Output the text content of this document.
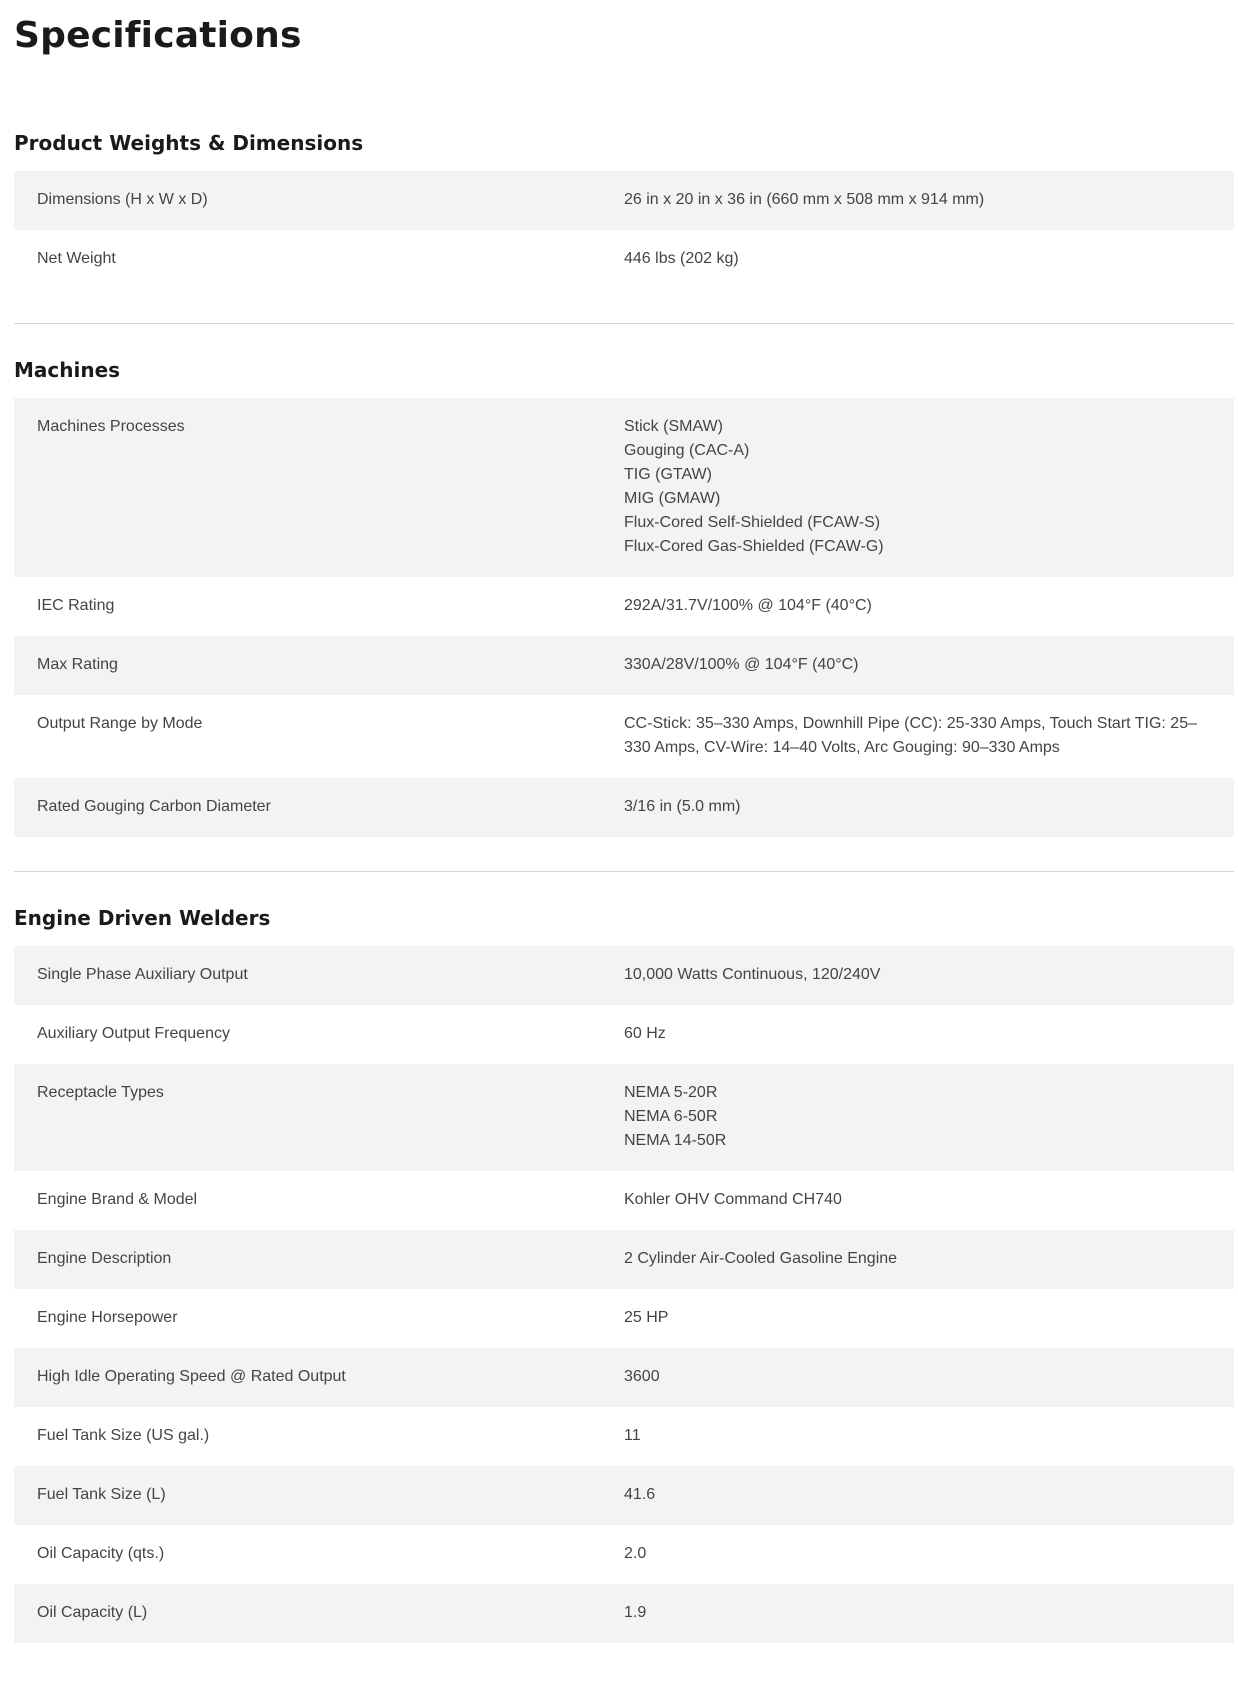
Specifications
Product Weights & Dimensions
Dimensions (H x W x D)	26 in x 20 in x 36 in (660 mm x 508 mm x 914 mm)
Net Weight	446 lbs (202 kg)
Machines
Machines Processes	Stick (SMAW)
Gouging (CAC-A)
TIG (GTAW)
MIG (GMAW)
Flux-Cored Self-Shielded (FCAW-S)
Flux-Cored Gas-Shielded (FCAW-G)
IEC Rating	292A/31.7V/100% @ 104°F (40°C)
Max Rating	330A/28V/100% @ 104°F (40°C)
Output Range by Mode	CC-Stick: 35–330 Amps, Downhill Pipe (CC): 25-330 Amps, Touch Start TIG: 25–330 Amps, CV-Wire: 14–40 Volts, Arc Gouging: 90–330 Amps
Rated Gouging Carbon Diameter	3/16 in (5.0 mm)
Engine Driven Welders
Single Phase Auxiliary Output	10,000 Watts Continuous, 120/240V
Auxiliary Output Frequency	60 Hz
Receptacle Types	NEMA 5-20R
NEMA 6-50R
NEMA 14-50R
Engine Brand & Model	Kohler OHV Command CH740
Engine Description	2 Cylinder Air-Cooled Gasoline Engine
Engine Horsepower	25 HP
High Idle Operating Speed @ Rated Output	3600
Fuel Tank Size (US gal.)	11
Fuel Tank Size (L)	41.6
Oil Capacity (qts.)	2.0
Oil Capacity (L)	1.9
